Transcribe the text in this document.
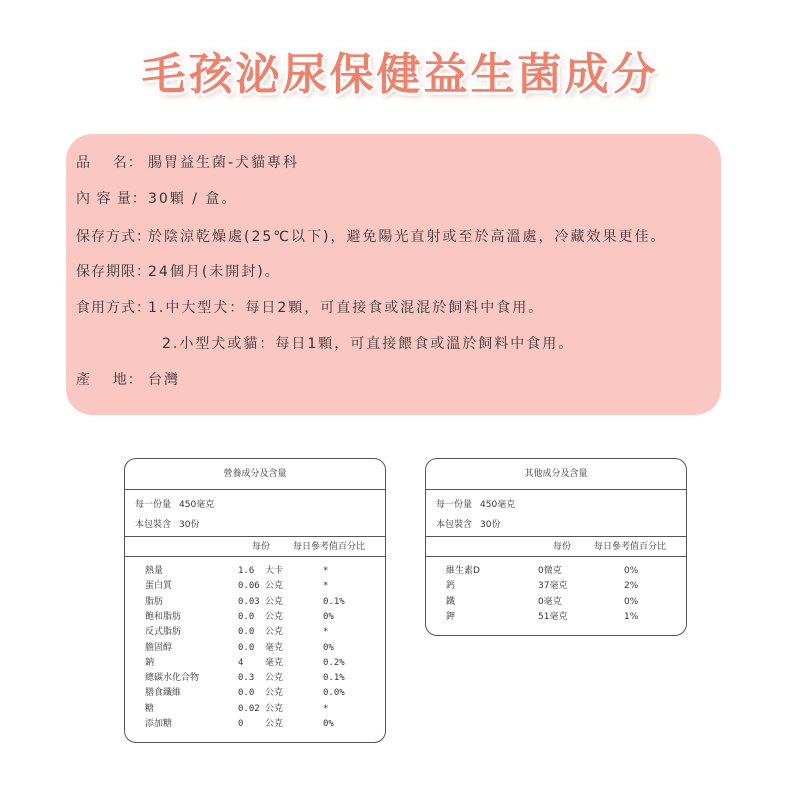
毛孩泌尿保健益生菌成分
品    名： 腸胃益生菌-犬貓專科
內 容 量：30顆 / 盒。
保存方式：於陰涼乾燥處(25℃以下)，避免陽光直射或至於高溫處，冷藏效果更佳。
保存期限：24個月(未開封)。
食用方式：1.中大型犬：每日2顆，可直接食或混混於飼料中食用。
2.小型犬或貓：每日1顆，可直接餵食或溫於飼料中食用。
產    地： 台灣
營養成分及含量
每一份量 450毫克
本包裝含 30份
每份	每日參考值百分比
熱量	1.6 大卡	*
蛋白質	0.06 公克	*
脂肪	0.03 公克	0.1%
飽和脂肪	0.0 公克	0%
反式脂肪	0.0 公克	*
膽固醇	0.0 毫克	0%
鈉	4 毫克	0.2%
總碳水化合物	0.3 公克	0.1%
膳食纖維	0.0 公克	0.0%
糖	0.02 公克	*
添加糖	0 公克	0%
其他成分及含量
每一份量 450毫克
本包裝含 30份
每份	每日參考值百分比
維生素D	0微克	0%
鈣	37毫克	2%
鐵	0毫克	0%
鉀	51毫克	1%
